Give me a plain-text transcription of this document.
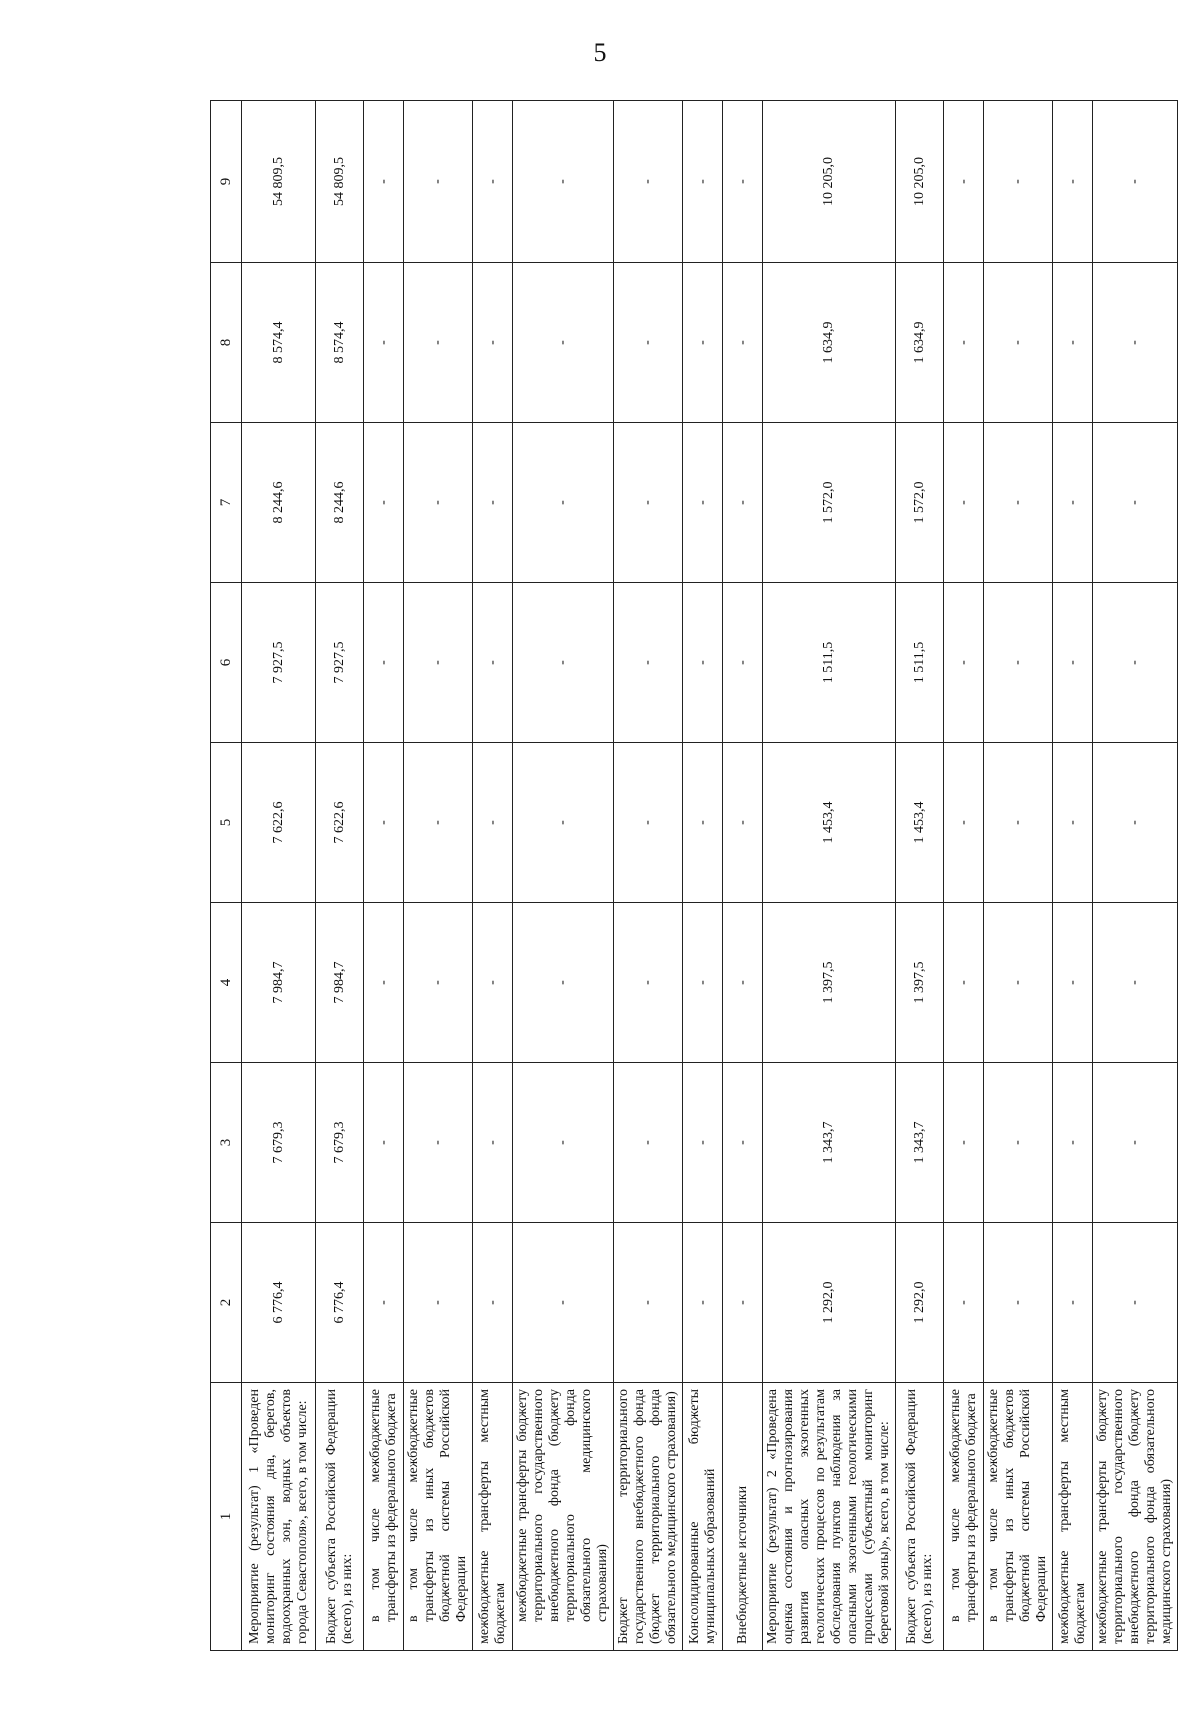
5
1	2	3	4	5	6	7	8	9
Мероприятие (результат) 1 «Проведен мониторинг состояния дна, берегов, водоохранных зон, водных объектов города Севастополя», всего, в том числе:	6 776,4	7 679,3	7 984,7	7 622,6	7 927,5	8 244,6	8 574,4	54 809,5
Бюджет субъекта Российской Федерации (всего), из них:	6 776,4	7 679,3	7 984,7	7 622,6	7 927,5	8 244,6	8 574,4	54 809,5
в том числе межбюджетные трансферты из федерального бюджета	-	-	-	-	-	-	-	-
в том числе межбюджетные трансферты из иных бюджетов бюджетной системы Российской Федерации	-	-	-	-	-	-	-	-
межбюджетные трансферты местным бюджетам	-	-	-	-	-	-	-	-
межбюджетные трансферты бюджету территориального государственного внебюджетного фонда (бюджету территориального фонда обязательного медицинского страхования)	-	-	-	-	-	-	-	-
Бюджет территориального государственного внебюджетного фонда (бюджет территориального фонда обязательного медицинского страхования)	-	-	-	-	-	-	-	-
Консолидированные бюджеты муниципальных образований	-	-	-	-	-	-	-	-
Внебюджетные источники	-	-	-	-	-	-	-	-
Мероприятие (результат) 2 «Проведена оценка состояния и прогнозирования развития опасных экзогенных геологических процессов по результатам обследования пунктов наблюдения за опасными экзогенными геологическими процессами (субъектный мониторинг береговой зоны)», всего, в том числе:	1 292,0	1 343,7	1 397,5	1 453,4	1 511,5	1 572,0	1 634,9	10 205,0
Бюджет субъекта Российской Федерации (всего), из них:	1 292,0	1 343,7	1 397,5	1 453,4	1 511,5	1 572,0	1 634,9	10 205,0
в том числе межбюджетные трансферты из федерального бюджета	-	-	-	-	-	-	-	-
в том числе межбюджетные трансферты из иных бюджетов бюджетной системы Российской Федерации	-	-	-	-	-	-	-	-
межбюджетные трансферты местным бюджетам	-	-	-	-	-	-	-	-
межбюджетные трансферты бюджету территориального государственного внебюджетного фонда (бюджету территориального фонда обязательного медицинского страхования)	-	-	-	-	-	-	-	-
